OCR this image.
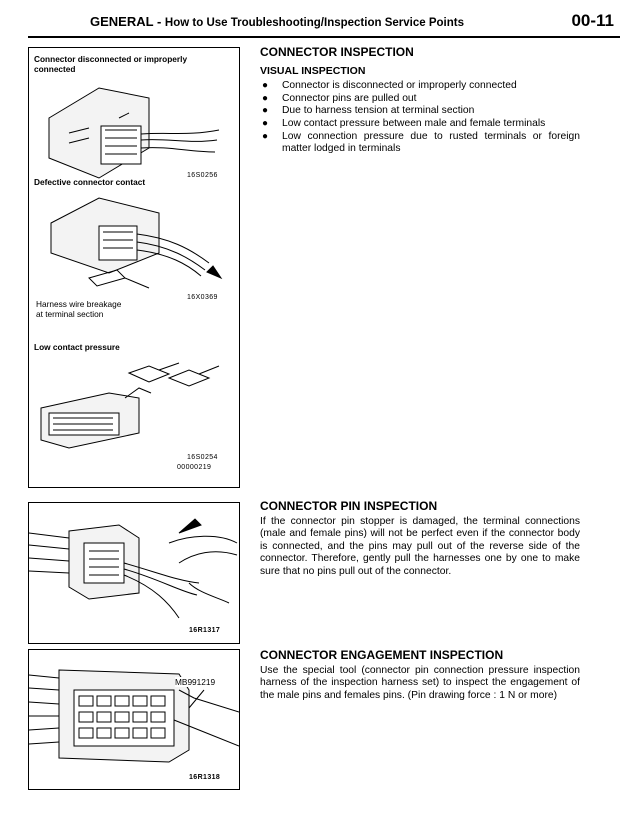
GENERAL - How to Use Troubleshooting/Inspection Service Points	00-11
Connector disconnected or improperly connected
16S0256
Defective connector contact
Harness wire breakage
at terminal section
16X0369
Low contact pressure
16S0254
00000219
CONNECTOR INSPECTION
VISUAL INSPECTION
● Connector is disconnected or improperly connected
● Connector pins are pulled out
● Due to harness tension at terminal section
● Low contact pressure between male and female terminals
● Low connection pressure due to rusted terminals or foreign matter lodged in terminals
16R1317
CONNECTOR PIN INSPECTION

If the connector pin stopper is damaged, the terminal connections (male and female pins) will not be perfect even if the connector body is connected, and the pins may pull out of the reverse side of the connector. Therefore, gently pull the harnesses one by one to make sure that no pins pull out of the connector.

MB991219
16R1318
CONNECTOR ENGAGEMENT INSPECTION

Use the special tool (connector pin connection pressure inspection harness of the inspection harness set) to inspect the engagement of the male pins and females pins. (Pin drawing force : 1 N or more)
